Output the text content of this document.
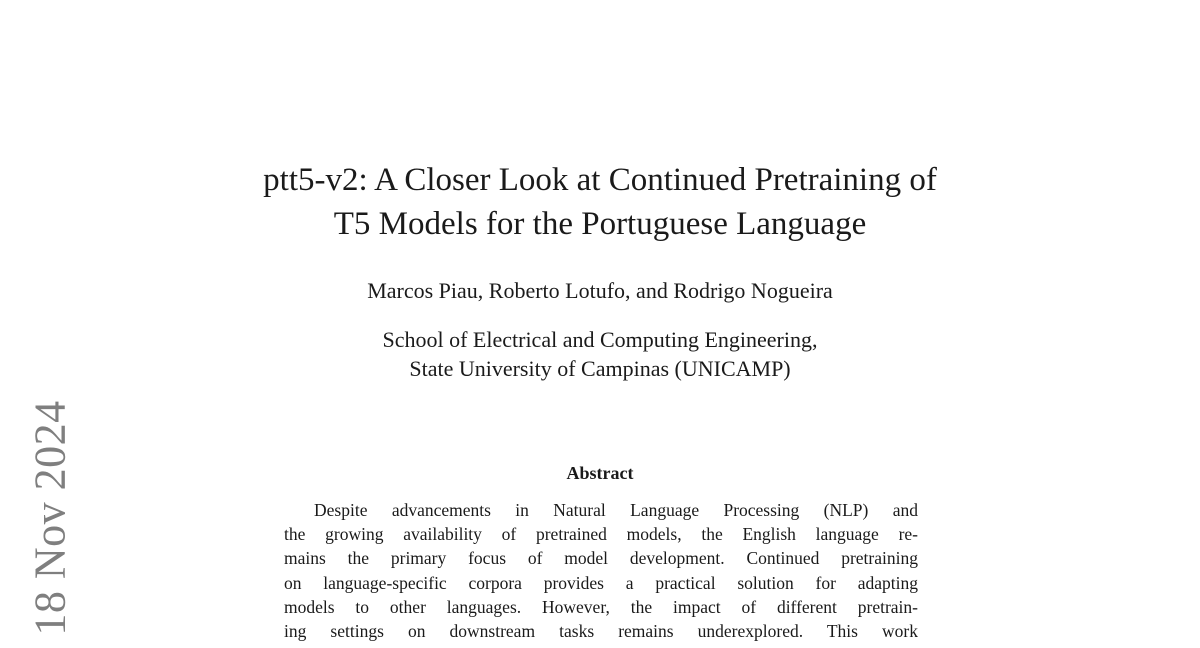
ptt5-v2: A Closer Look at Continued Pretraining of
T5 Models for the Portuguese Language
Marcos Piau, Roberto Lotufo, and Rodrigo Nogueira
School of Electrical and Computing Engineering,
State University of Campinas (UNICAMP)
Abstract
Despite advancements in Natural Language Processing (NLP) and
the growing availability of pretrained models, the English language re-
mains the primary focus of model development. Continued pretraining
on language-specific corpora provides a practical solution for adapting
models to other languages. However, the impact of different pretrain-
ing settings on downstream tasks remains underexplored. This work
18 Nov 2024
